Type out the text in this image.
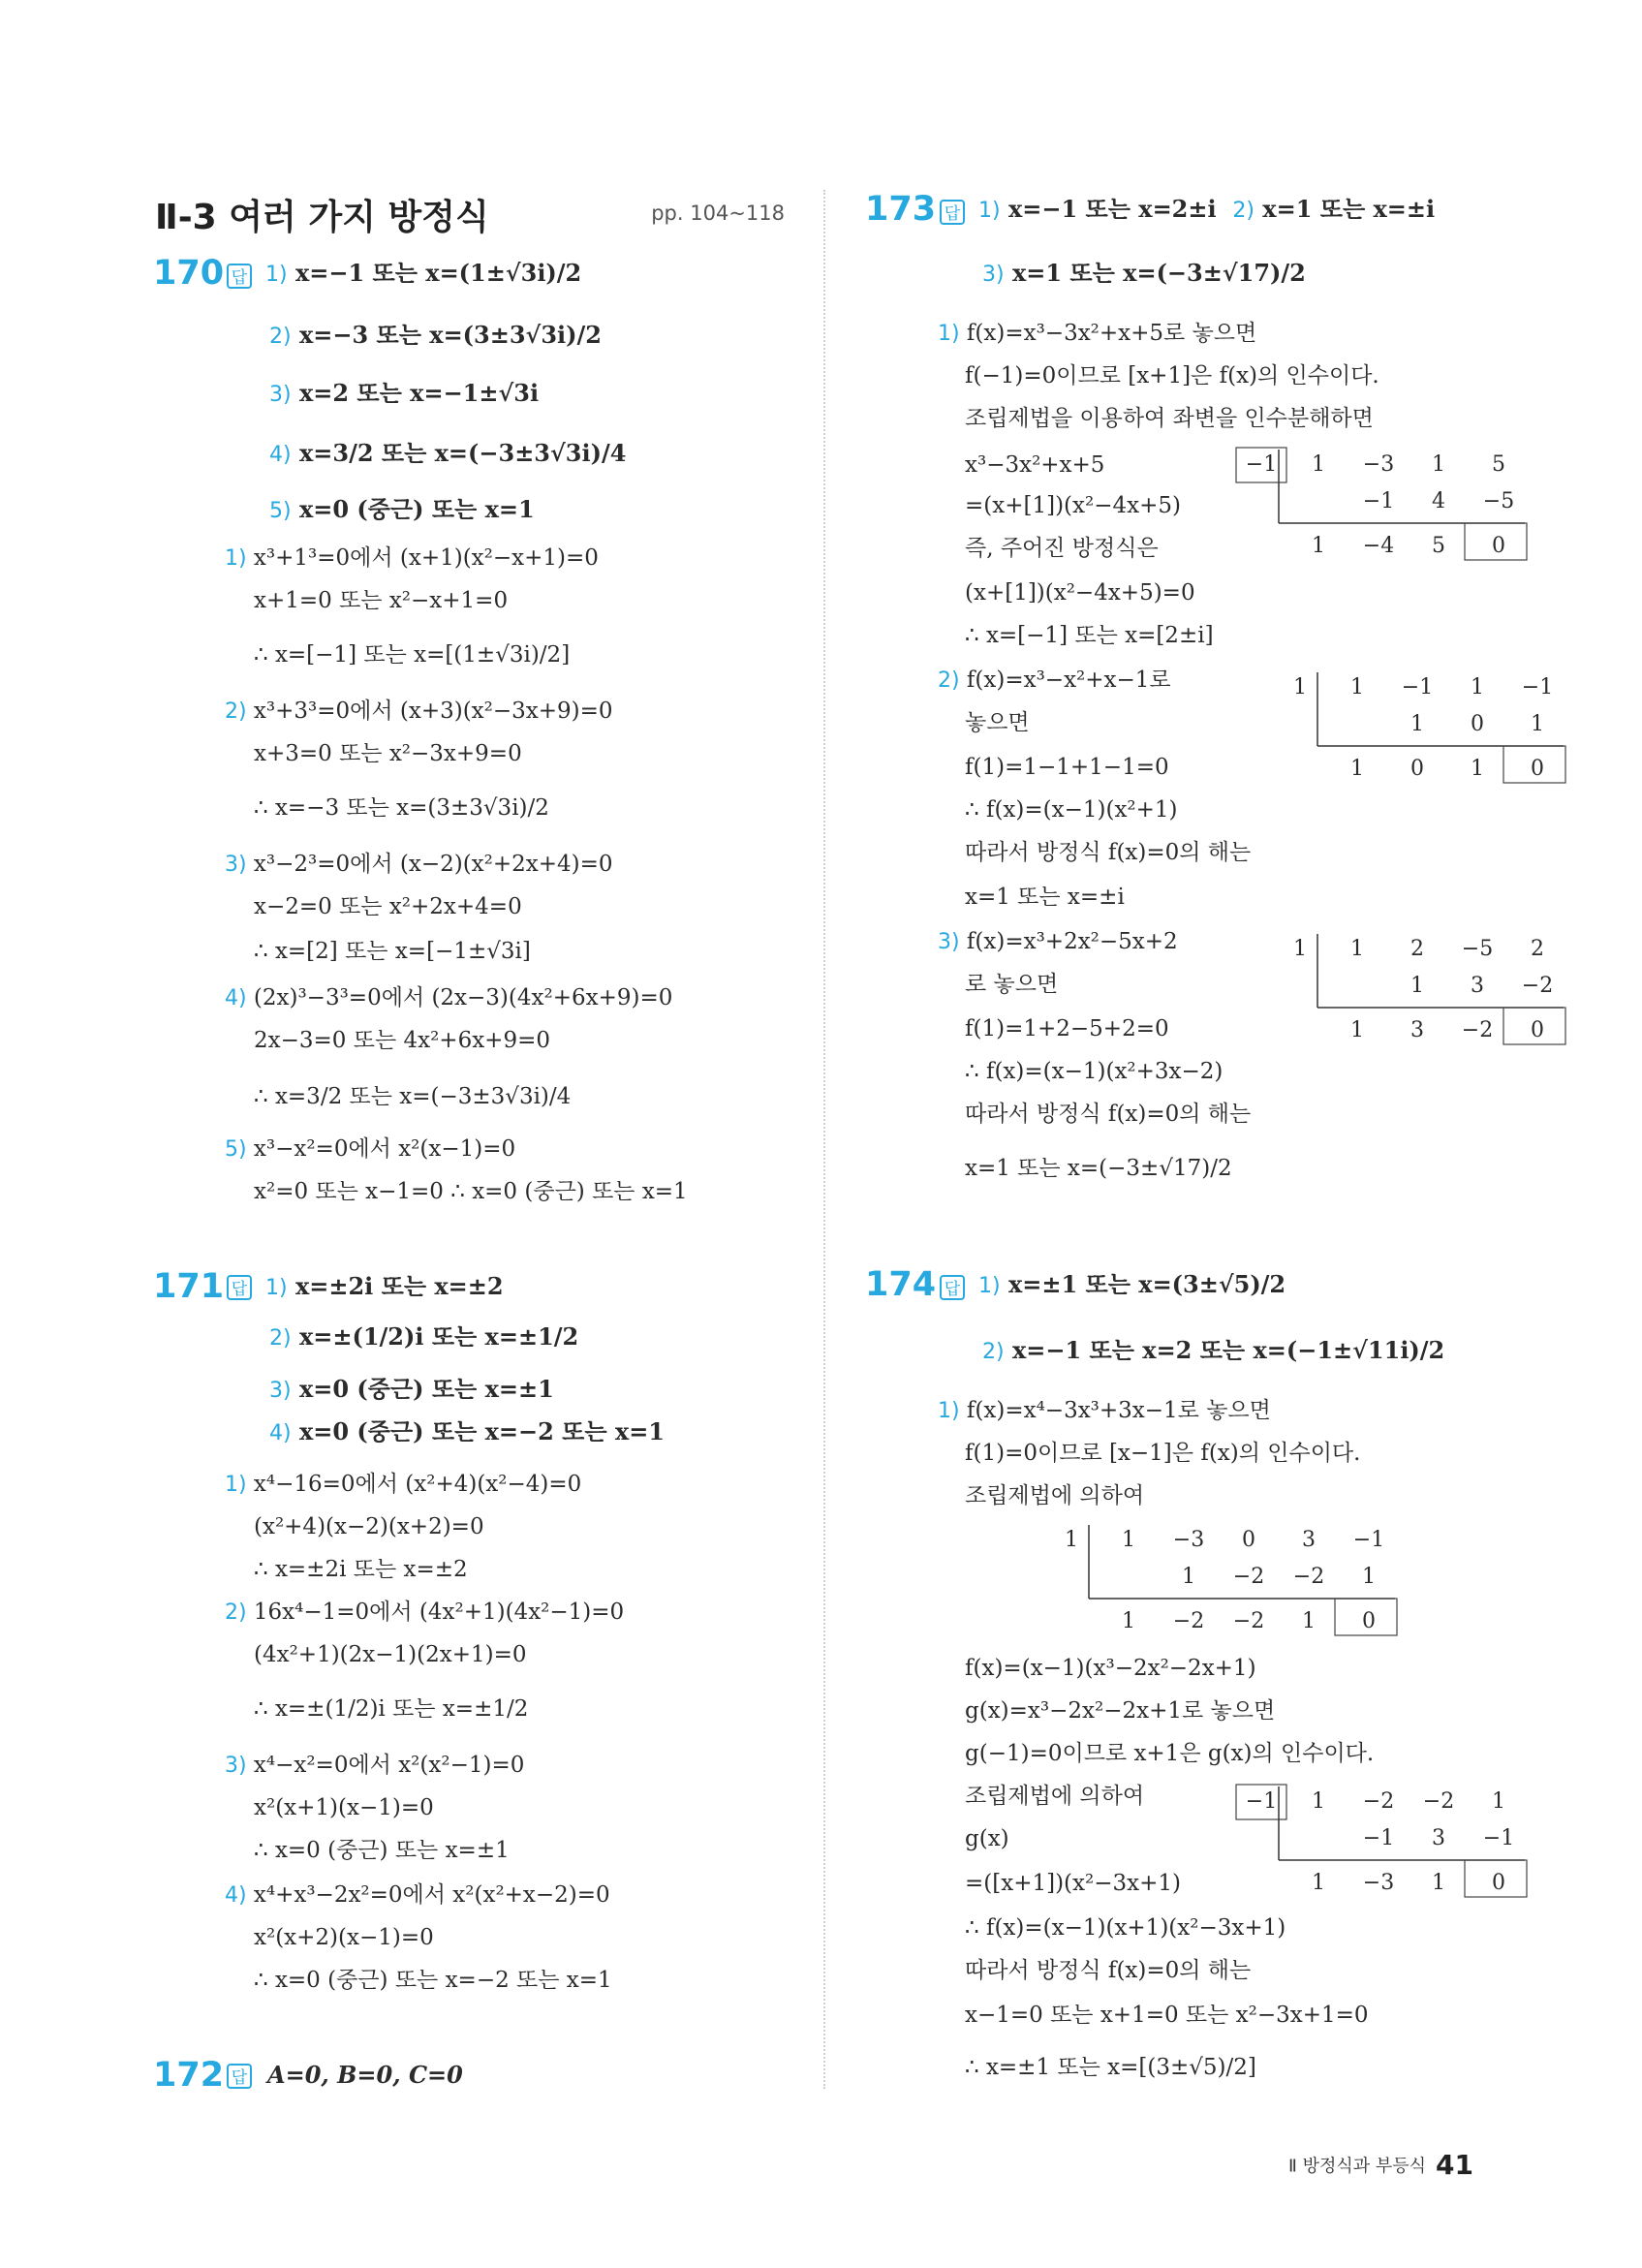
Ⅱ-3 여러 가지 방정식	pp. 104~118
170 답 1) x=−1 또는 x=(1±√3i)/2
2) x=−3 또는 x=(3±3√3i)/2
3) x=2 또는 x=−1±√3i
4) x=3/2 또는 x=(−3±3√3i)/4
5) x=0 (중근) 또는 x=1
1) x³+1³=0에서 (x+1)(x²−x+1)=0
x+1=0 또는 x²−x+1=0
∴ x=[−1] 또는 x=[(1±√3i)/2]
2) x³+3³=0에서 (x+3)(x²−3x+9)=0
x+3=0 또는 x²−3x+9=0
∴ x=−3 또는 x=(3±3√3i)/2
3) x³−2³=0에서 (x−2)(x²+2x+4)=0
x−2=0 또는 x²+2x+4=0
∴ x=[2] 또는 x=[−1±√3i]
4) (2x)³−3³=0에서 (2x−3)(4x²+6x+9)=0
2x−3=0 또는 4x²+6x+9=0
∴ x=3/2 또는 x=(−3±3√3i)/4
5) x³−x²=0에서 x²(x−1)=0
x²=0 또는 x−1=0 ∴ x=0 (중근) 또는 x=1
171 답 1) x=±2i 또는 x=±2
2) x=±(1/2)i 또는 x=±1/2
3) x=0 (중근) 또는 x=±1
4) x=0 (중근) 또는 x=−2 또는 x=1
1) x⁴−16=0에서 (x²+4)(x²−4)=0
(x²+4)(x−2)(x+2)=0
∴ x=±2i 또는 x=±2
2) 16x⁴−1=0에서 (4x²+1)(4x²−1)=0
(4x²+1)(2x−1)(2x+1)=0
∴ x=±(1/2)i 또는 x=±1/2
3) x⁴−x²=0에서 x²(x²−1)=0
x²(x+1)(x−1)=0
∴ x=0 (중근) 또는 x=±1
4) x⁴+x³−2x²=0에서 x²(x²+x−2)=0
x²(x+2)(x−1)=0
∴ x=0 (중근) 또는 x=−2 또는 x=1
172 답 A=0, B=0, C=0
173 답 1) x=−1 또는 x=2±i 2) x=1 또는 x=±i
3) x=1 또는 x=(−3±√17)/2
1) f(x)=x³−3x²+x+5로 놓으면
f(−1)=0이므로 [x+1]은 f(x)의 인수이다.
조립제법을 이용하여 좌변을 인수분해하면
x³−3x²+x+5
=(x+[1])(x²−4x+5)
즉, 주어진 방정식은
(x+[1])(x²−4x+5)=0
∴ x=[−1] 또는 x=[2±i]
2) f(x)=x³−x²+x−1로
놓으면
f(1)=1−1+1−1=0
∴ f(x)=(x−1)(x²+1)
따라서 방정식 f(x)=0의 해는
x=1 또는 x=±i
3) f(x)=x³+2x²−5x+2
로 놓으면
f(1)=1+2−5+2=0
∴ f(x)=(x−1)(x²+3x−2)
따라서 방정식 f(x)=0의 해는
x=1 또는 x=(−3±√17)/2
−1 1 −3 1 5
−1 4 −5
1 −4 5 0
1 1 −1 1 −1
1 0 1
1 0 1 0
1 1 2 −5 2
1 3 −2
1 3 −2 0
174 답 1) x=±1 또는 x=(3±√5)/2
2) x=−1 또는 x=2 또는 x=(−1±√11i)/2
1) f(x)=x⁴−3x³+3x−1로 놓으면
f(1)=0이므로 [x−1]은 f(x)의 인수이다.
조립제법에 의하여
1 1 −3 0 3 −1
1 −2 −2 1
1 −2 −2 1 0
f(x)=(x−1)(x³−2x²−2x+1)
g(x)=x³−2x²−2x+1로 놓으면
g(−1)=0이므로 x+1은 g(x)의 인수이다.
조립제법에 의하여
g(x)
=([x+1])(x²−3x+1)
∴ f(x)=(x−1)(x+1)(x²−3x+1)
따라서 방정식 f(x)=0의 해는
x−1=0 또는 x+1=0 또는 x²−3x+1=0
∴ x=±1 또는 x=[(3±√5)/2]
−1 1 −2 −2 1
−1 3 −1
1 −3 1 0
Ⅱ 방정식과 부등식 41
